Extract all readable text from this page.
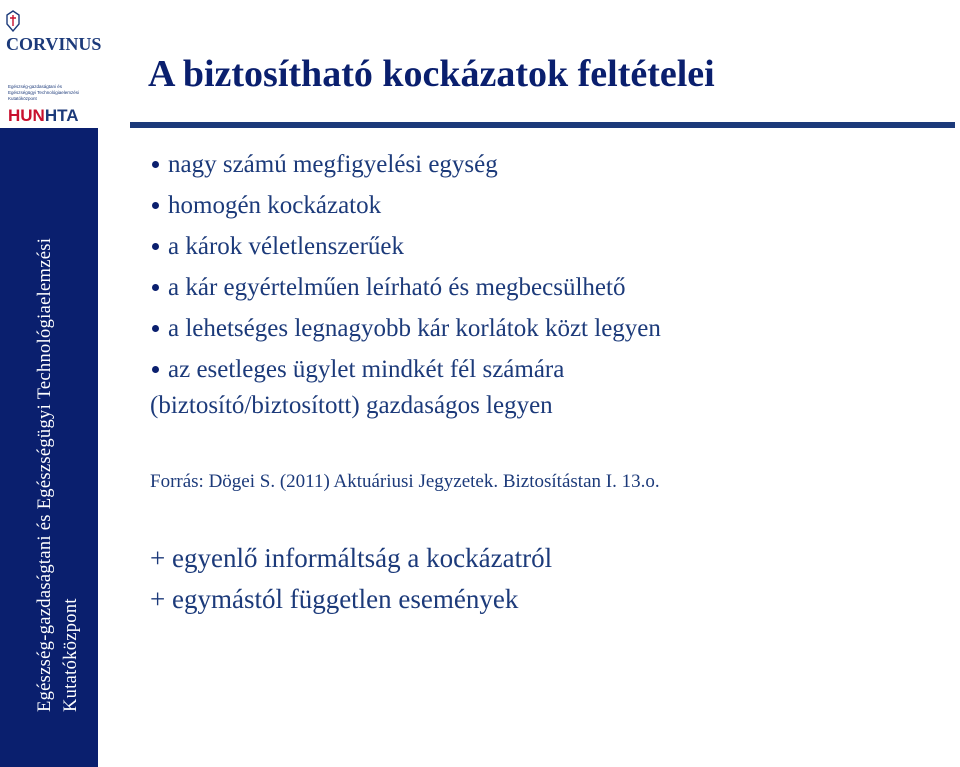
CORVINUS
Egészség-gazdaságtani és
Egészségügyi Technológiaelemzési
Kutatóközpont
HUNHTA
Egészség-gazdaságtani és Egészségügyi Technológiaelemzési Kutatóközpont
A biztosítható kockázatok feltételei
nagy számú megfigyelési egység
homogén kockázatok
a károk véletlenszerűek
a kár egyértelműen leírható és megbecsülhető
a lehetséges legnagyobb kár korlátok közt legyen
az esetleges ügylet mindkét fél számára
(biztosító/biztosított) gazdaságos legyen
Forrás: Dögei S. (2011) Aktuáriusi Jegyzetek. Biztosítástan I. 13.o.
+ egyenlő informáltság a kockázatról
+ egymástól független események
